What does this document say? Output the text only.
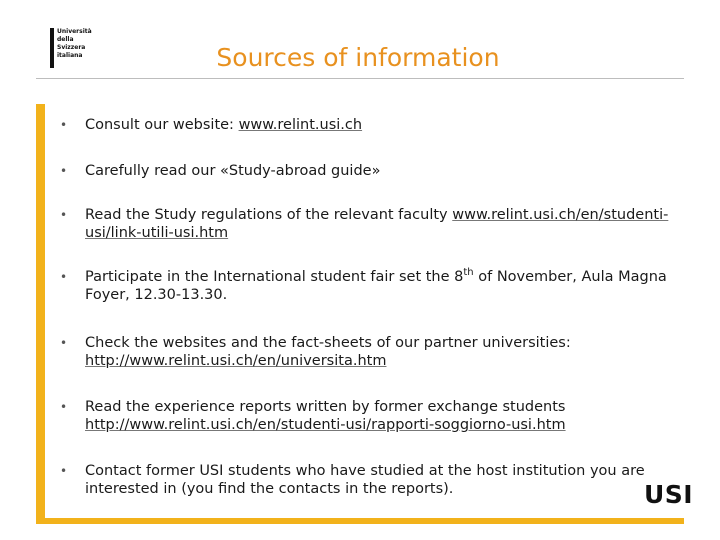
Università
della
Svizzera
italiana	Sources of information
• Consult our website: www.relint.usi.ch
• Carefully read our «Study-abroad guide»
• Read the Study regulations of the relevant faculty www.relint.usi.ch/en/studenti-usi/link-utili-usi.htm
• Participate in the International student fair set the 8th of November, Aula Magna Foyer, 12.30-13.30.
• Check the websites and the fact-sheets of our partner universities: http://www.relint.usi.ch/en/universita.htm
• Read the experience reports written by former exchange students http://www.relint.usi.ch/en/studenti-usi/rapporti-soggiorno-usi.htm
• Contact former USI students who have studied at the host institution you are interested in (you find the contacts in the reports).	USI
